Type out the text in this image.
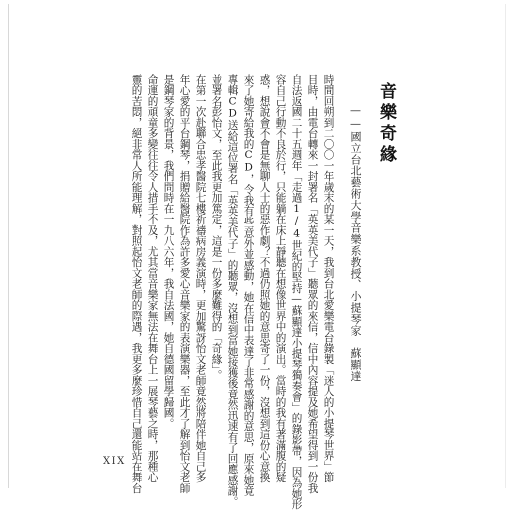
音樂奇緣
——國立台北藝術大學音樂系教授、小提琴家　蘇顯達
時間回朔到二〇〇一年歲末的某一天，我到台北愛樂電台錄製「迷人的小提琴世界」節
目時，由電台轉來一封署名「英英美代子」聽眾的來信，信中內容提及她希望得到一份我
自法返國二十五週年「走過1/4世紀的堅持—蘇顯達小提琴獨奏會」的錄影帶，因為她形
容自己行動不良於行，只能躺在床上靜聽在想像世界中的演出。當時的我有著滿腹的疑
惑，想說會不會是無聊人士的惡作劇？不過仍照她的意思寄了一份，沒想到這份心意換
來了她寄給我的CD，令我有些意外並感動，她在信中表達了非常感謝的意思，原來她竟
專輯CD送給這位署名「英英美代子」的聽眾，沒想到當她接獲後竟然迅速有了回應感謝。
並署名彭怡文，至此我更加篤定，這是一份多麼難得的「奇緣」。
在第一次赴聯合忠孝醫院七樓祈禱病房義演時，更加驚訝怡文老師竟然將陪伴她自己多
年心愛的平台鋼琴，捐贈給醫院作為許多愛心音樂家的表演樂器，至此才了解到怡文老師
是鋼琴家的背景，我們問時在一九八六年，我自法國，她自德國留學歸國。
命運的頑童多變往往令人措手不及，尤其當音樂家無法在舞台上一展琴藝之時，那種心
靈的苦悶，絕非常人所能理解，對照起怡文老師的際遇，我更多麼珍惜自己還能站在舞台
XIX
